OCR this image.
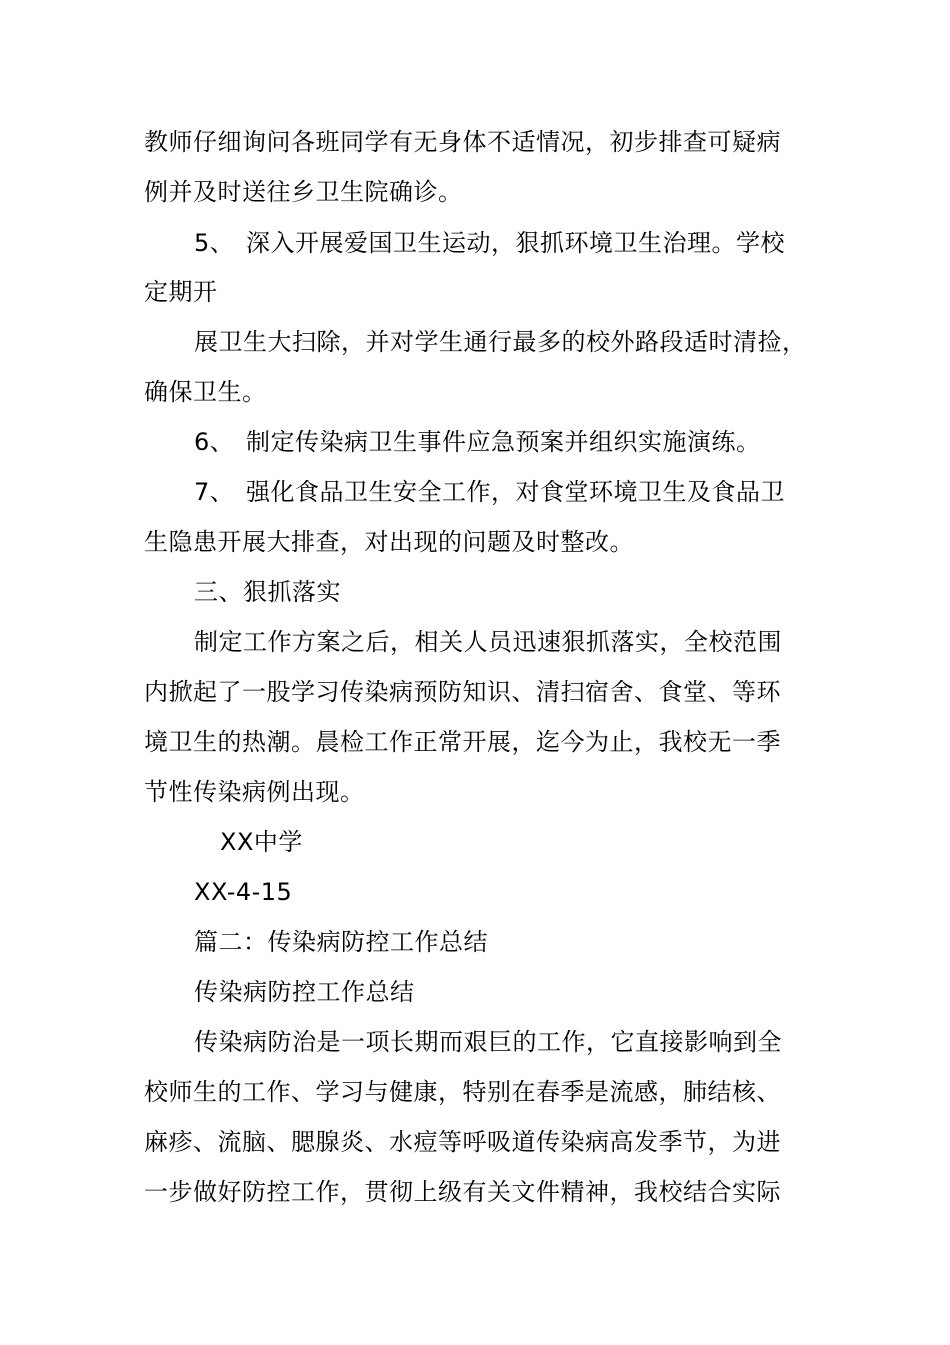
教师仔细询问各班同学有无身体不适情况，初步排查可疑病
例并及时送往乡卫生院确诊。
5、 深入开展爱国卫生运动，狠抓环境卫生治理。学校
定期开
展卫生大扫除，并对学生通行最多的校外路段适时清捡，
确保卫生。
6、 制定传染病卫生事件应急预案并组织实施演练。
7、 强化食品卫生安全工作，对食堂环境卫生及食品卫
生隐患开展大排查，对出现的问题及时整改。
三、狠抓落实
制定工作方案之后，相关人员迅速狠抓落实，全校范围
内掀起了一股学习传染病预防知识、清扫宿舍、食堂、等环
境卫生的热潮。晨检工作正常开展，迄今为止，我校无一季
节性传染病例出现。
XX中学
XX-4-15
篇二：传染病防控工作总结
传染病防控工作总结
传染病防治是一项长期而艰巨的工作，它直接影响到全
校师生的工作、学习与健康，特别在春季是流感，肺结核、
麻疹、流脑、腮腺炎、水痘等呼吸道传染病高发季节，为进
一步做好防控工作，贯彻上级有关文件精神，我校结合实际
